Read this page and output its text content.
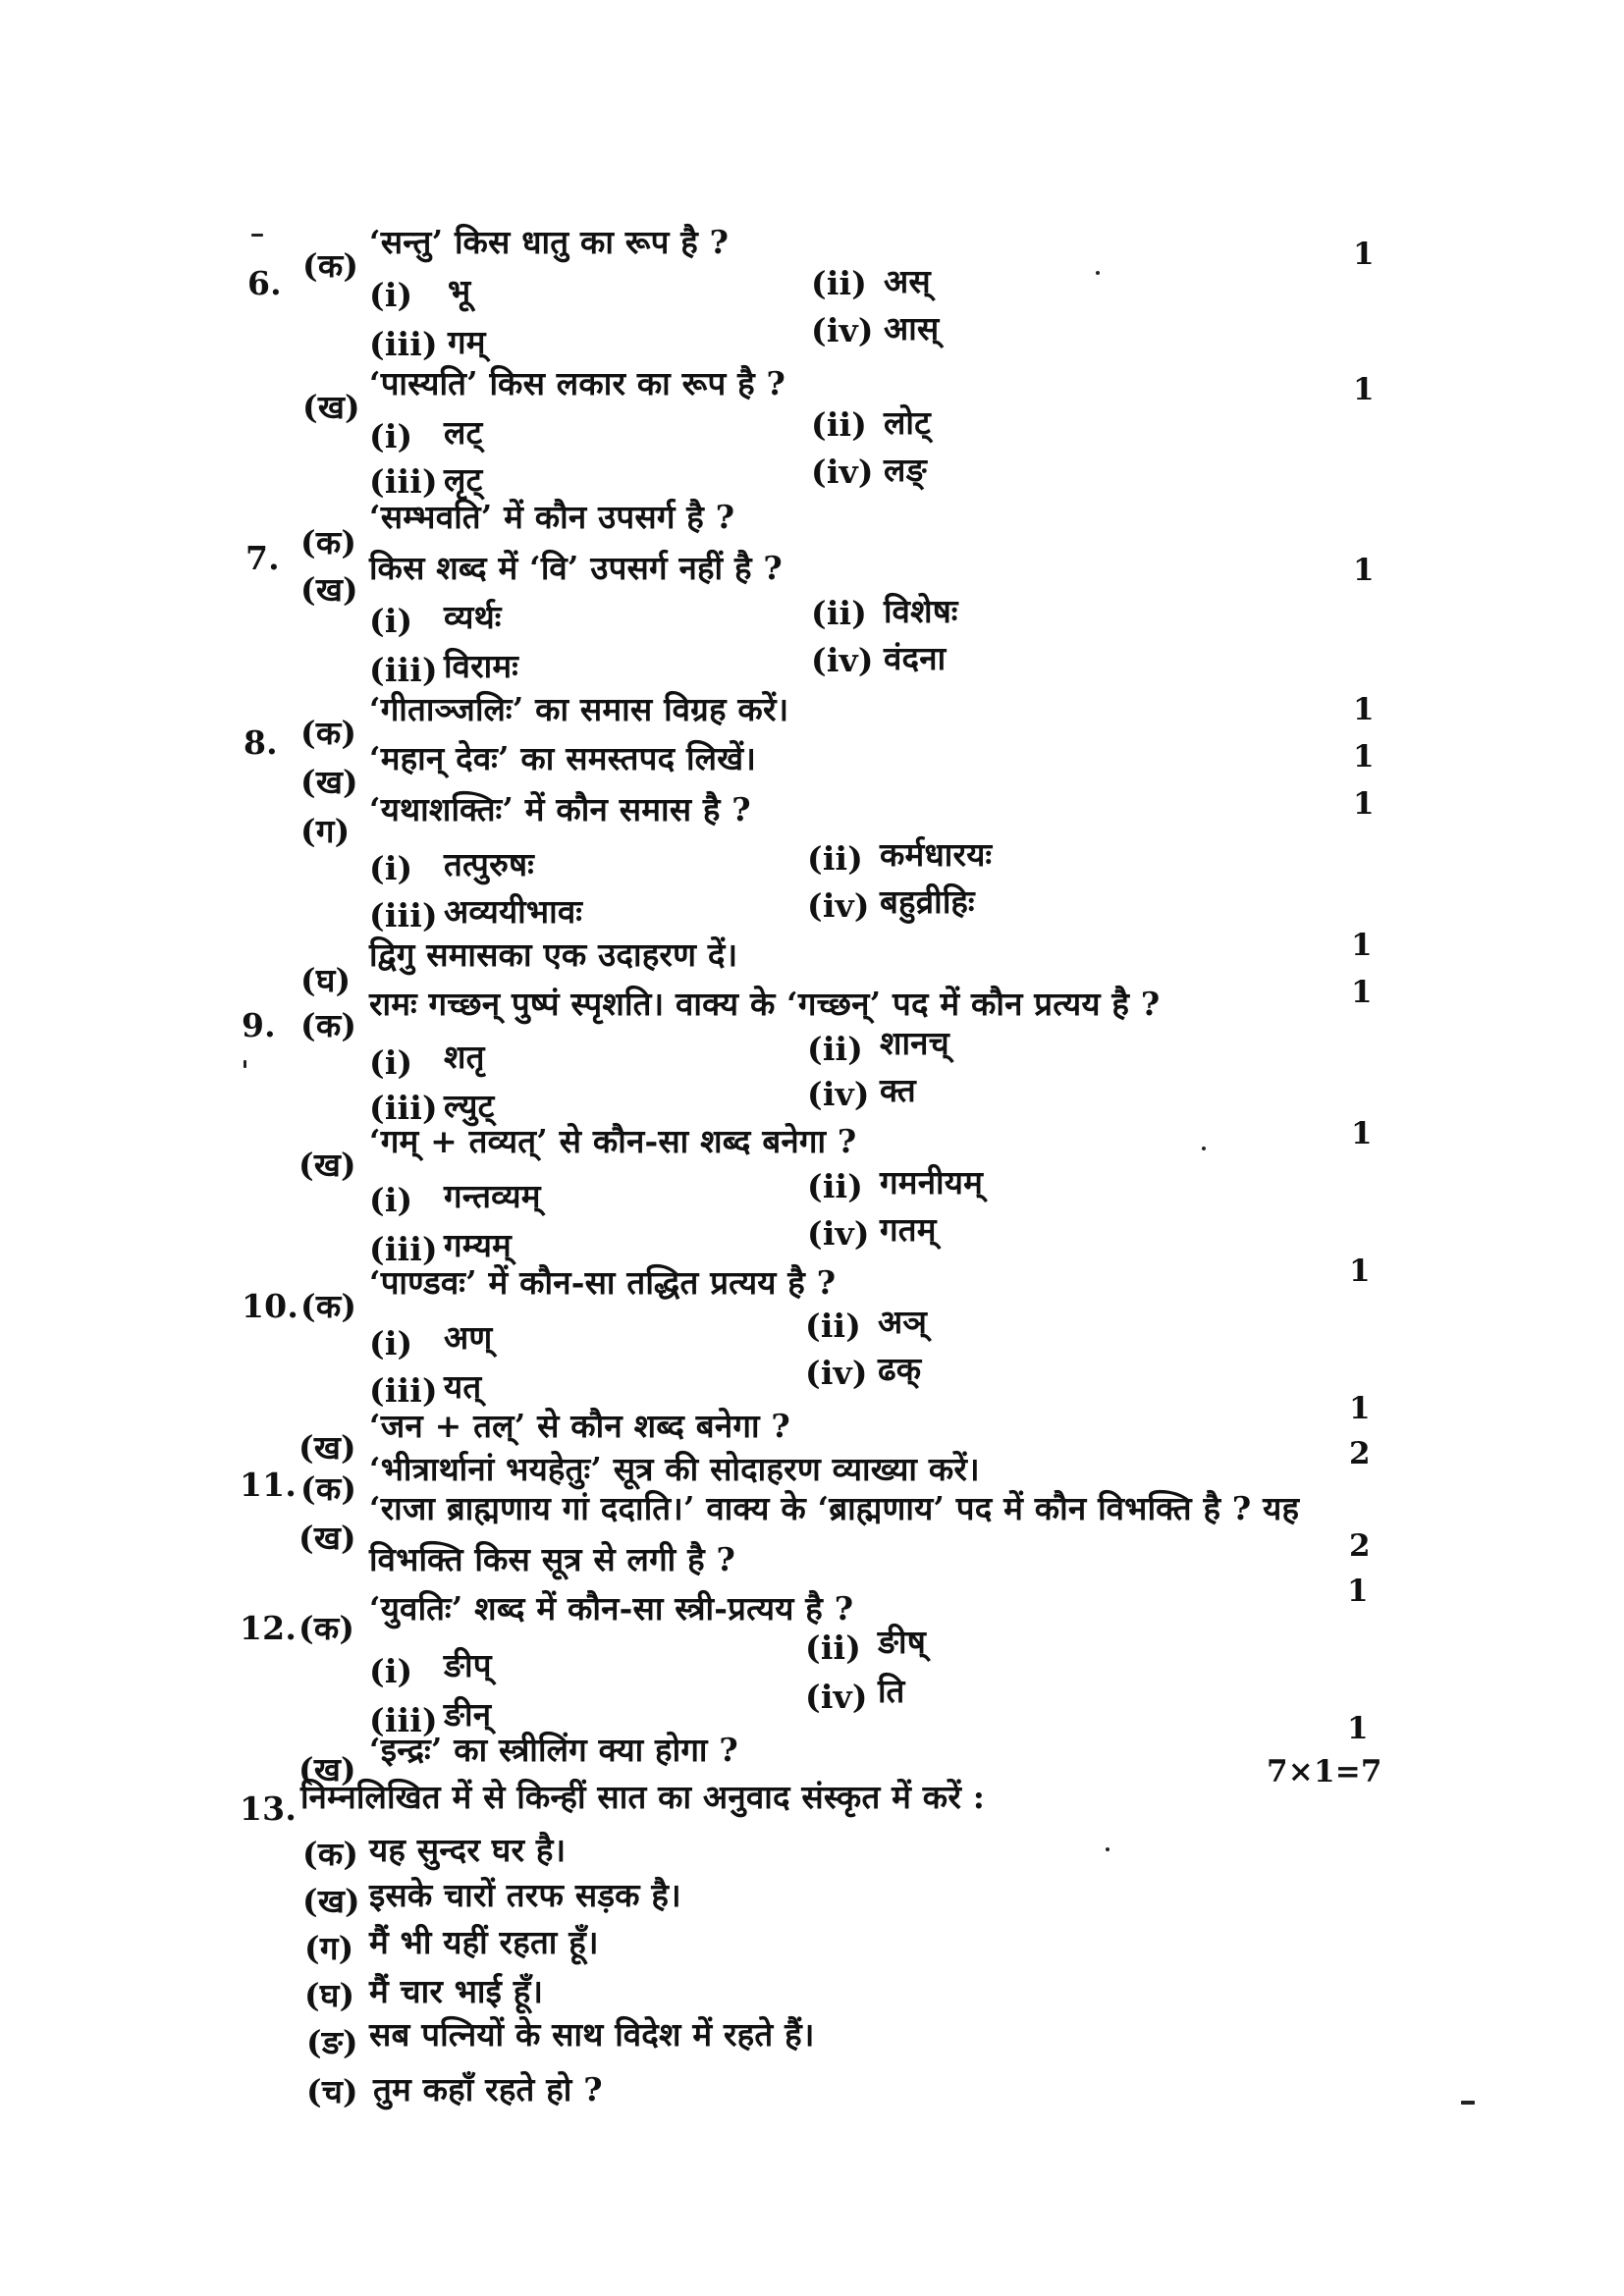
6. (क)
‘सन्तु’ किस धातु का रूप है ?	1
(i) भू	(ii) अस्
(iii) गम्	(iv) आस्
(ख)
‘पास्यति’ किस लकार का रूप है ?	1
(i) लट्	(ii) लोट्
(iii) लृट्	(iv) लङ्
7. (क)
‘सम्भवति’ में कौन उपसर्ग है ?
(ख)
किस शब्द में ‘वि’ उपसर्ग नहीं है ?	1
(i) व्यर्थः	(ii) विशेषः
(iii) विरामः	(iv) वंदना
8. (क)
‘गीताञ्जलिः’ का समास विग्रह करें।	1
(ख)
‘महान् देवः’ का समस्तपद लिखें।	1
(ग)
‘यथाशक्तिः’ में कौन समास है ?	1
(i) तत्पुरुषः	(ii) कर्मधारयः
(iii) अव्ययीभावः	(iv) बहुव्रीहिः
(घ)
द्विगु समासका एक उदाहरण दें।	1
9. (क)
रामः गच्छन् पुष्पं स्पृशति। वाक्य के ‘गच्छन्’ पद में कौन प्रत्यय है ?	1
(i) शतृ	(ii) शानच्
(iii) ल्युट्	(iv) क्त
(ख)
‘गम् + तव्यत्’ से कौन-सा शब्द बनेगा ?	1
(i) गन्तव्यम्	(ii) गमनीयम्
(iii) गम्यम्	(iv) गतम्
10. (क)
‘पाण्डवः’ में कौन-सा तद्धित प्रत्यय है ?	1
(i) अण्	(ii) अञ्
(iii) यत्	(iv) ढक्
(ख)
‘जन + तल्’ से कौन शब्द बनेगा ?	1
11. (क)
‘भीत्रार्थानां भयहेतुः’ सूत्र की सोदाहरण व्याख्या करें।	2
(ख)
‘राजा ब्राह्मणाय गां ददाति।’ वाक्य के ‘ब्राह्मणाय’ पद में कौन विभक्ति है ? यह
विभक्ति किस सूत्र से लगी है ?	2
12. (क)
‘युवतिः’ शब्द में कौन-सा स्त्री-प्रत्यय है ?	1
(i) ङीप्	(ii) ङीष्
(iii) ङीन्	(iv) ति
(ख)
‘इन्द्रः’ का स्त्रीलिंग क्या होगा ?
1
13. निम्नलिखित में से किन्हीं सात का अनुवाद संस्कृत में करें :
7×1=7
(क) यह सुन्दर घर है।
(ख) इसके चारों तरफ सड़क है।
(ग) मैं भी यहीं रहता हूँ।
(घ) मैं चार भाई हूँ।
(ङ) सब पत्नियों के साथ विदेश में रहते हैं।
(च) तुम कहाँ रहते हो ?
